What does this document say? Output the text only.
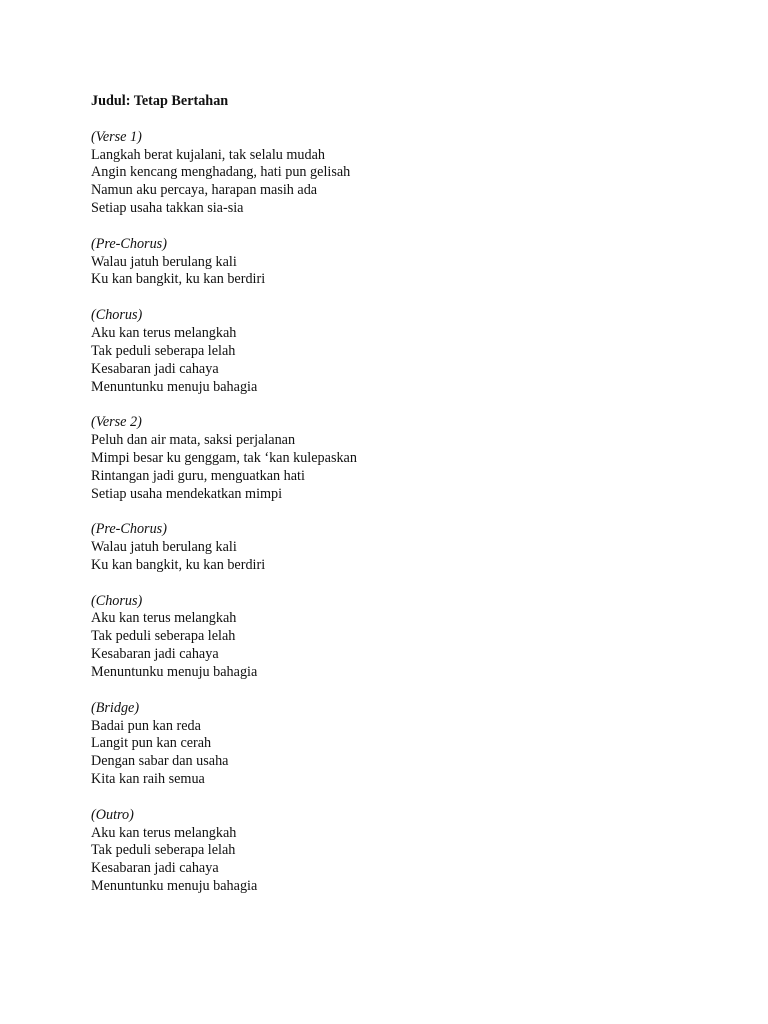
Judul: Tetap Bertahan
(Verse 1)
Langkah berat kujalani, tak selalu mudah
Angin kencang menghadang, hati pun gelisah
Namun aku percaya, harapan masih ada
Setiap usaha takkan sia-sia
(Pre-Chorus)
Walau jatuh berulang kali
Ku kan bangkit, ku kan berdiri
(Chorus)
Aku kan terus melangkah
Tak peduli seberapa lelah
Kesabaran jadi cahaya
Menuntunku menuju bahagia
(Verse 2)
Peluh dan air mata, saksi perjalanan
Mimpi besar ku genggam, tak ‘kan kulepaskan
Rintangan jadi guru, menguatkan hati
Setiap usaha mendekatkan mimpi
(Pre-Chorus)
Walau jatuh berulang kali
Ku kan bangkit, ku kan berdiri
(Chorus)
Aku kan terus melangkah
Tak peduli seberapa lelah
Kesabaran jadi cahaya
Menuntunku menuju bahagia
(Bridge)
Badai pun kan reda
Langit pun kan cerah
Dengan sabar dan usaha
Kita kan raih semua
(Outro)
Aku kan terus melangkah
Tak peduli seberapa lelah
Kesabaran jadi cahaya
Menuntunku menuju bahagia
